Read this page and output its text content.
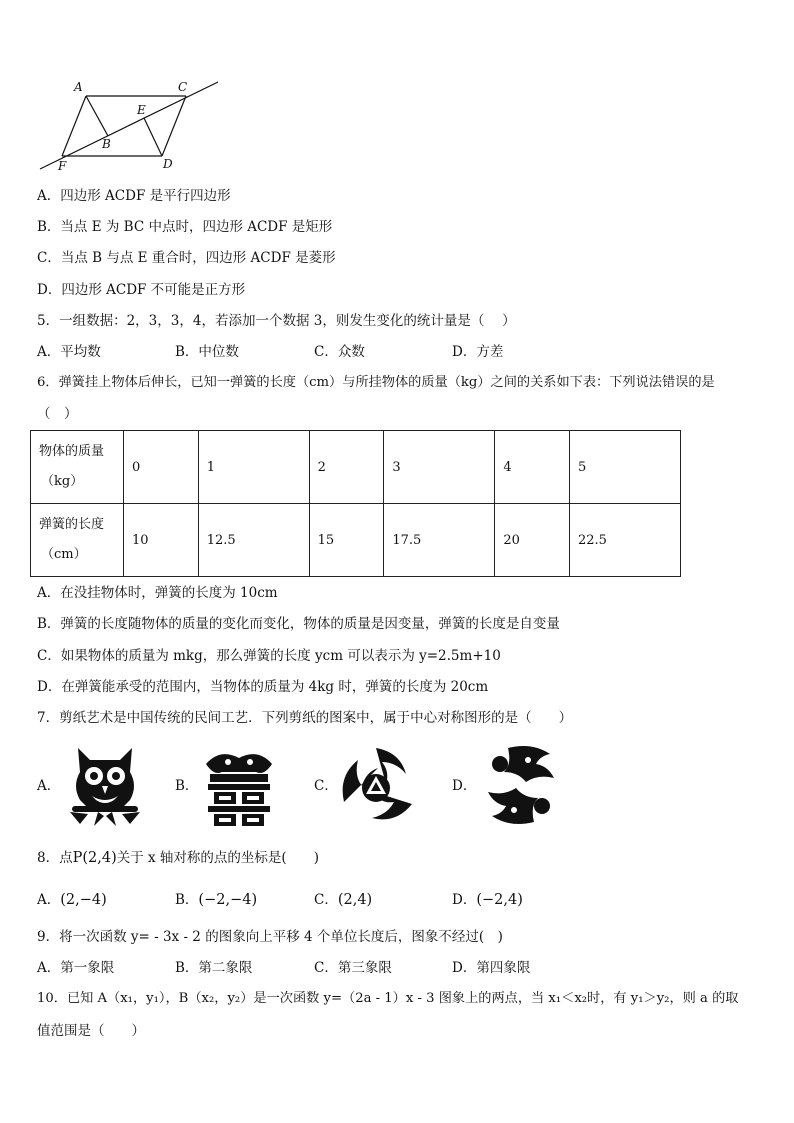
A	C
E
B
F	D
A．四边形 ACDF 是平行四边形
B．当点 E 为 BC 中点时，四边形 ACDF 是矩形
C．当点 B 与点 E 重合时，四边形 ACDF 是菱形
D．四边形 ACDF 不可能是正方形
5．一组数据：2，3，3，4，若添加一个数据 3，则发生变化的统计量是（　 ）
A．平均数	B．中位数	C．众数	D．方差
6．弹簧挂上物体后伸长，已知一弹簧的长度（cm）与所挂物体的质量（kg）之间的关系如下表：下列说法错误的是
（　）
物体的质量
（kg）	0	1	2	3	4	5

弹簧的长度
（cm）	10	12.5	15	17.5	20	22.5
A．在没挂物体时，弹簧的长度为 10cm
B．弹簧的长度随物体的质量的变化而变化，物体的质量是因变量，弹簧的长度是自变量
C．如果物体的质量为 mkg，那么弹簧的长度 ycm 可以表示为 y=2.5m+10
D．在弹簧能承受的范围内，当物体的质量为 4kg 时，弹簧的长度为 20cm
7．剪纸艺术是中国传统的民间工艺．下列剪纸的图案中，属于中心对称图形的是（　　）
A．	B．	C．	D．
8．点P(2,4)关于 x 轴对称的点的坐标是(　　)
A．(2,−4)	B．(−2,−4)	C．(2,4)	D．(−2,4)
9．将一次函数 y= - 3x - 2 的图象向上平移 4 个单位长度后，图象不经过(　)
A．第一象限	B．第二象限	C．第三象限	D．第四象限
10．已知 A（x₁，y₁），B（x₂，y₂）是一次函数 y=（2a - 1）x - 3 图象上的两点，当 x₁＜x₂时，有 y₁＞y₂，则 a 的取
值范围是（　　）
